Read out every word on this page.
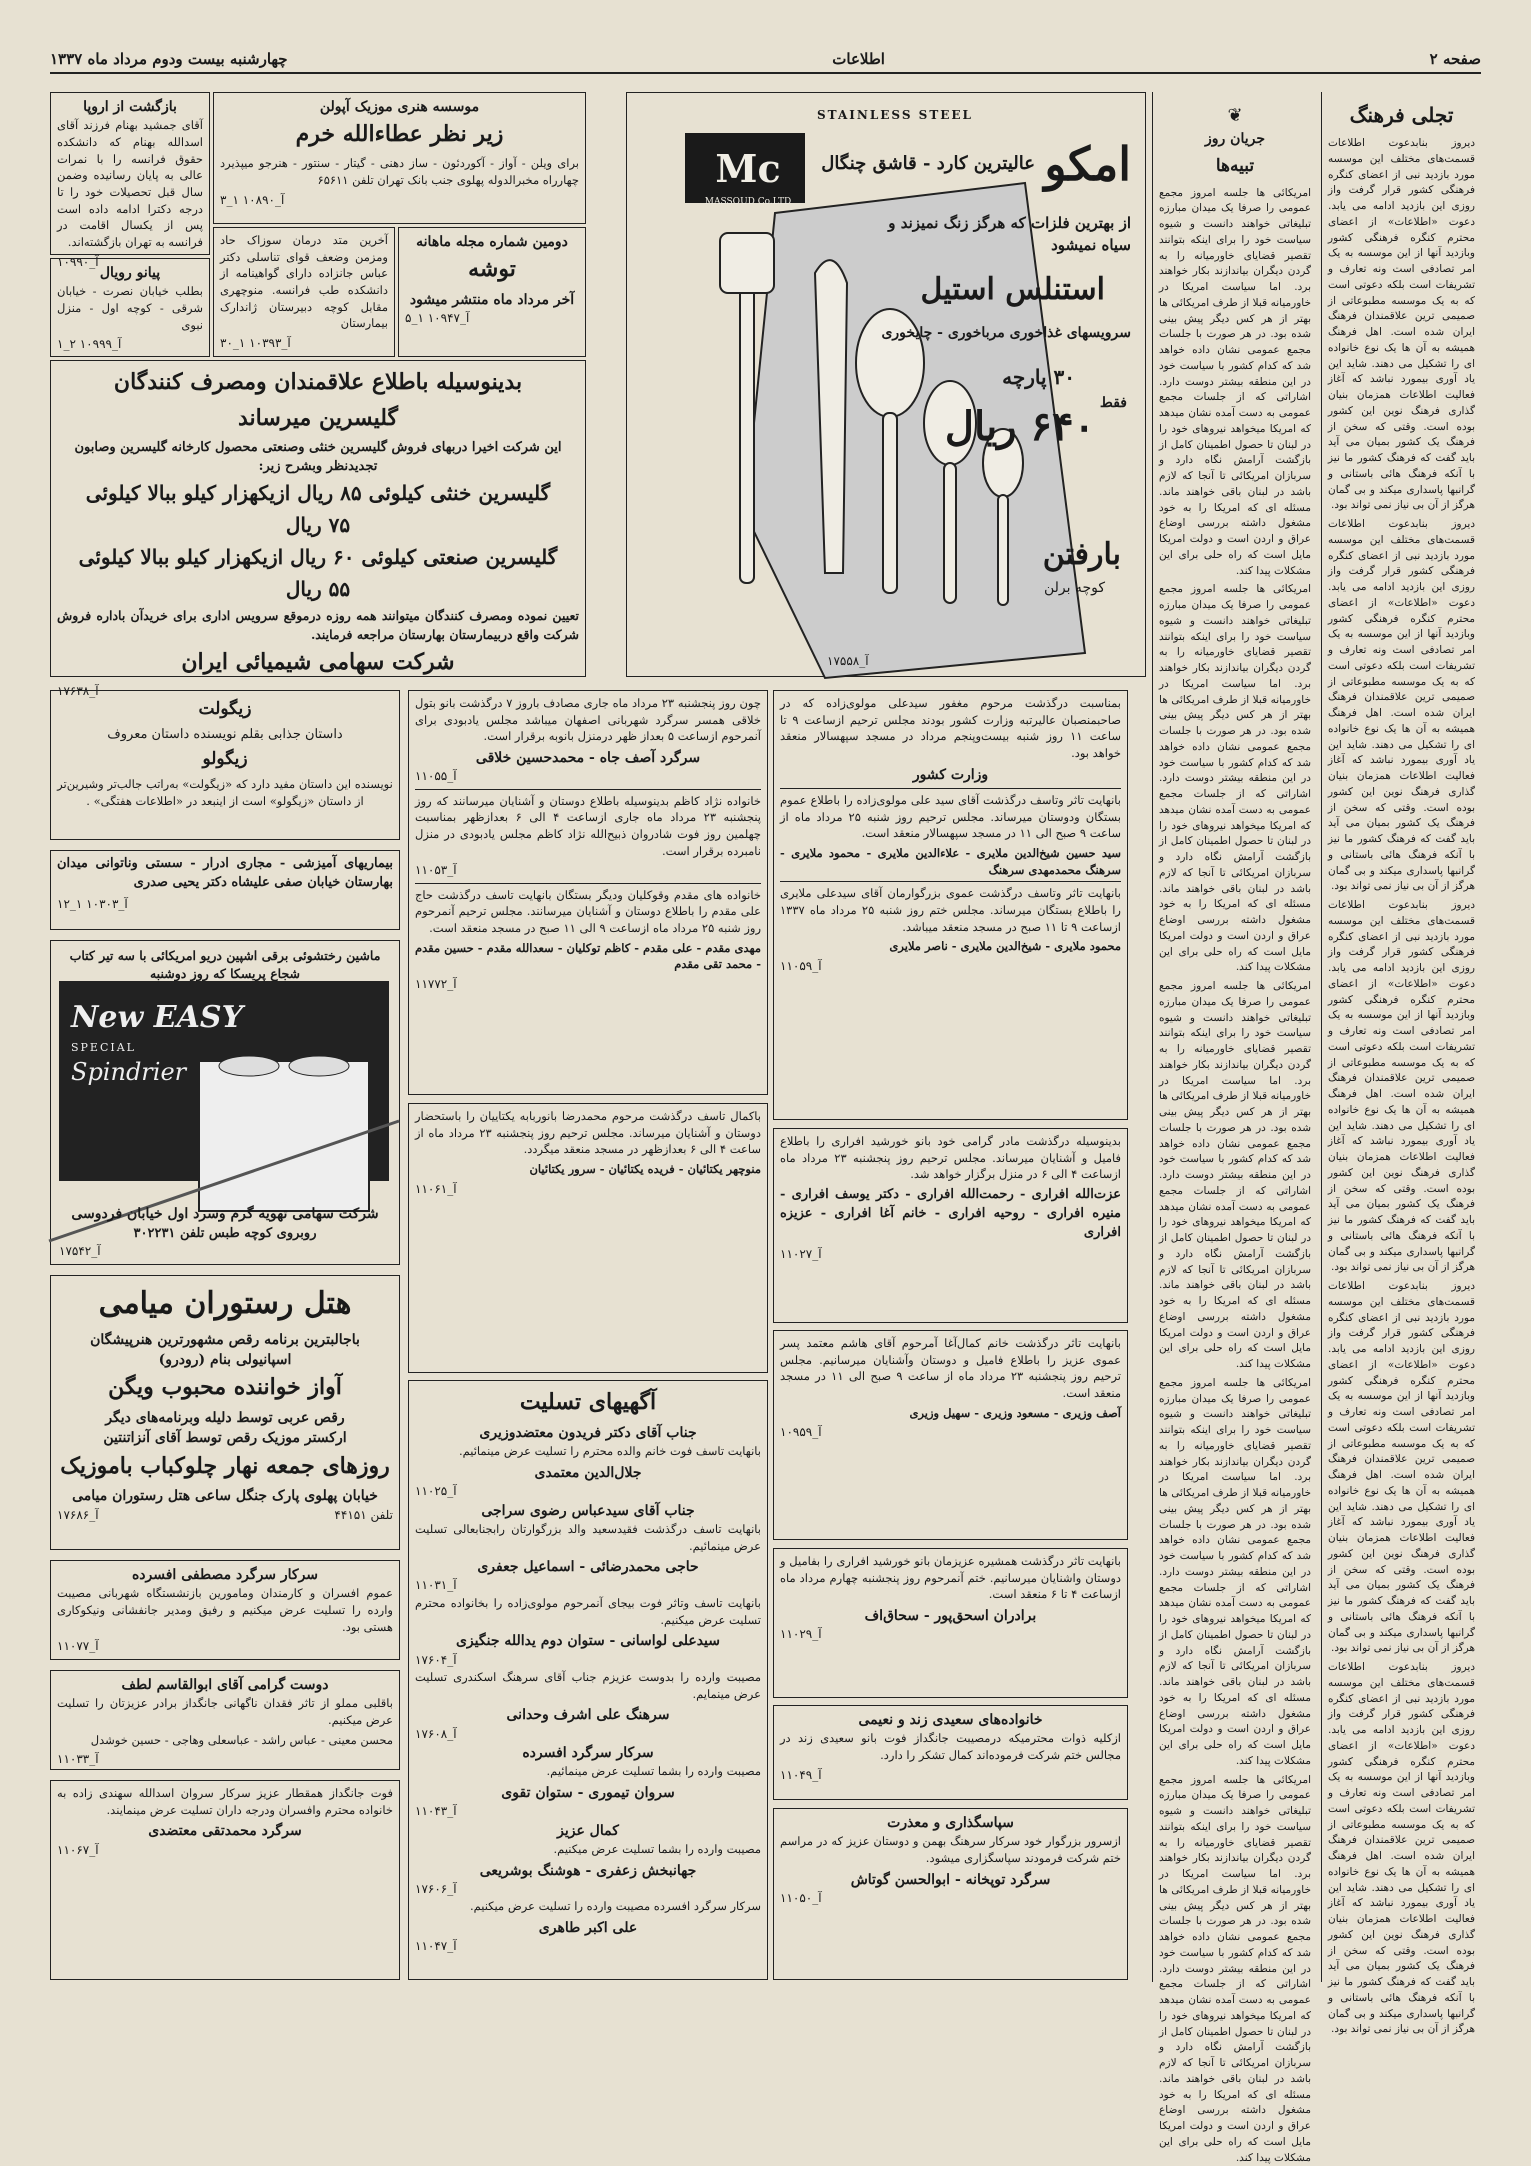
صفحه ۲
اطلاعات
چهارشنبه بیست ودوم مرداد ماه ۱۳۳۷
تجلی فرهنگ

دیروز بنابدعوت اطلاعات قسمت‌های مختلف این موسسه مورد بازدید نبی از اعضای کنگره فرهنگی کشور قرار گرفت واز روزی این بازدید ادامه می یابد. دعوت «اطلاعات» از اعضای محترم کنگره فرهنگی کشور وبازدید آنها از این موسسه به یک امر تصادفی است ونه تعارف و تشریفات است بلکه دعوتی است که به یک موسسه مطبوعاتی از صمیمی ترین علاقمندان فرهنگ ایران شده است. اهل فرهنگ همیشه به آن ها یک نوع خانواده ای را تشکیل می دهند. شاید این یاد آوری بیمورد نباشد که آغاز فعالیت اطلاعات همزمان بنیان گذاری فرهنگ نوین این کشور بوده است. وقتی که سخن از فرهنگ یک کشور بمیان می آید باید گفت که فرهنگ کشور ما نیز با آنکه فرهنگ هائی باستانی و گرانبها پاسداری میکند و بی گمان هرگز از آن بی نیاز نمی تواند بود.

دیروز بنابدعوت اطلاعات قسمت‌های مختلف این موسسه مورد بازدید نبی از اعضای کنگره فرهنگی کشور قرار گرفت واز روزی این بازدید ادامه می یابد. دعوت «اطلاعات» از اعضای محترم کنگره فرهنگی کشور وبازدید آنها از این موسسه به یک امر تصادفی است ونه تعارف و تشریفات است بلکه دعوتی است که به یک موسسه مطبوعاتی از صمیمی ترین علاقمندان فرهنگ ایران شده است. اهل فرهنگ همیشه به آن ها یک نوع خانواده ای را تشکیل می دهند. شاید این یاد آوری بیمورد نباشد که آغاز فعالیت اطلاعات همزمان بنیان گذاری فرهنگ نوین این کشور بوده است. وقتی که سخن از فرهنگ یک کشور بمیان می آید باید گفت که فرهنگ کشور ما نیز با آنکه فرهنگ هائی باستانی و گرانبها پاسداری میکند و بی گمان هرگز از آن بی نیاز نمی تواند بود.

دیروز بنابدعوت اطلاعات قسمت‌های مختلف این موسسه مورد بازدید نبی از اعضای کنگره فرهنگی کشور قرار گرفت واز روزی این بازدید ادامه می یابد. دعوت «اطلاعات» از اعضای محترم کنگره فرهنگی کشور وبازدید آنها از این موسسه به یک امر تصادفی است ونه تعارف و تشریفات است بلکه دعوتی است که به یک موسسه مطبوعاتی از صمیمی ترین علاقمندان فرهنگ ایران شده است. اهل فرهنگ همیشه به آن ها یک نوع خانواده ای را تشکیل می دهند. شاید این یاد آوری بیمورد نباشد که آغاز فعالیت اطلاعات همزمان بنیان گذاری فرهنگ نوین این کشور بوده است. وقتی که سخن از فرهنگ یک کشور بمیان می آید باید گفت که فرهنگ کشور ما نیز با آنکه فرهنگ هائی باستانی و گرانبها پاسداری میکند و بی گمان هرگز از آن بی نیاز نمی تواند بود.

دیروز بنابدعوت اطلاعات قسمت‌های مختلف این موسسه مورد بازدید نبی از اعضای کنگره فرهنگی کشور قرار گرفت واز روزی این بازدید ادامه می یابد. دعوت «اطلاعات» از اعضای محترم کنگره فرهنگی کشور وبازدید آنها از این موسسه به یک امر تصادفی است ونه تعارف و تشریفات است بلکه دعوتی است که به یک موسسه مطبوعاتی از صمیمی ترین علاقمندان فرهنگ ایران شده است. اهل فرهنگ همیشه به آن ها یک نوع خانواده ای را تشکیل می دهند. شاید این یاد آوری بیمورد نباشد که آغاز فعالیت اطلاعات همزمان بنیان گذاری فرهنگ نوین این کشور بوده است. وقتی که سخن از فرهنگ یک کشور بمیان می آید باید گفت که فرهنگ کشور ما نیز با آنکه فرهنگ هائی باستانی و گرانبها پاسداری میکند و بی گمان هرگز از آن بی نیاز نمی تواند بود.

دیروز بنابدعوت اطلاعات قسمت‌های مختلف این موسسه مورد بازدید نبی از اعضای کنگره فرهنگی کشور قرار گرفت واز روزی این بازدید ادامه می یابد. دعوت «اطلاعات» از اعضای محترم کنگره فرهنگی کشور وبازدید آنها از این موسسه به یک امر تصادفی است ونه تعارف و تشریفات است بلکه دعوتی است که به یک موسسه مطبوعاتی از صمیمی ترین علاقمندان فرهنگ ایران شده است. اهل فرهنگ همیشه به آن ها یک نوع خانواده ای را تشکیل می دهند. شاید این یاد آوری بیمورد نباشد که آغاز فعالیت اطلاعات همزمان بنیان گذاری فرهنگ نوین این کشور بوده است. وقتی که سخن از فرهنگ یک کشور بمیان می آید باید گفت که فرهنگ کشور ما نیز با آنکه فرهنگ هائی باستانی و گرانبها پاسداری میکند و بی گمان هرگز از آن بی نیاز نمی تواند بود.

❦
جریان روز
تبیه‌ها

امریکائی ها جلسه امروز مجمع عمومی را صرفا یک میدان مبارزه تبلیغاتی خواهند دانست و شیوه سیاست خود را برای اینکه بتوانند تقصیر قضایای خاورمیانه را به گردن دیگران بیاندازند بکار خواهند برد. اما سیاست امریکا در خاورمیانه قبلا از طرف امریکائی ها بهتر از هر کس دیگر پیش بینی شده بود. در هر صورت با جلسات مجمع عمومی نشان داده خواهد شد که کدام کشور با سیاست خود در این منطقه بیشتر دوست دارد. اشاراتی که از جلسات مجمع عمومی به دست آمده نشان میدهد که امریکا میخواهد نیروهای خود را در لبنان تا حصول اطمینان کامل از بازگشت آرامش نگاه دارد و سربازان امریکائی تا آنجا که لازم باشد در لبنان باقی خواهند ماند. مسئله ای که امریکا را به خود مشغول داشته بررسی اوضاع عراق و اردن است و دولت امریکا مایل است که راه حلی برای این مشکلات پیدا کند.

امریکائی ها جلسه امروز مجمع عمومی را صرفا یک میدان مبارزه تبلیغاتی خواهند دانست و شیوه سیاست خود را برای اینکه بتوانند تقصیر قضایای خاورمیانه را به گردن دیگران بیاندازند بکار خواهند برد. اما سیاست امریکا در خاورمیانه قبلا از طرف امریکائی ها بهتر از هر کس دیگر پیش بینی شده بود. در هر صورت با جلسات مجمع عمومی نشان داده خواهد شد که کدام کشور با سیاست خود در این منطقه بیشتر دوست دارد. اشاراتی که از جلسات مجمع عمومی به دست آمده نشان میدهد که امریکا میخواهد نیروهای خود را در لبنان تا حصول اطمینان کامل از بازگشت آرامش نگاه دارد و سربازان امریکائی تا آنجا که لازم باشد در لبنان باقی خواهند ماند. مسئله ای که امریکا را به خود مشغول داشته بررسی اوضاع عراق و اردن است و دولت امریکا مایل است که راه حلی برای این مشکلات پیدا کند.

امریکائی ها جلسه امروز مجمع عمومی را صرفا یک میدان مبارزه تبلیغاتی خواهند دانست و شیوه سیاست خود را برای اینکه بتوانند تقصیر قضایای خاورمیانه را به گردن دیگران بیاندازند بکار خواهند برد. اما سیاست امریکا در خاورمیانه قبلا از طرف امریکائی ها بهتر از هر کس دیگر پیش بینی شده بود. در هر صورت با جلسات مجمع عمومی نشان داده خواهد شد که کدام کشور با سیاست خود در این منطقه بیشتر دوست دارد. اشاراتی که از جلسات مجمع عمومی به دست آمده نشان میدهد که امریکا میخواهد نیروهای خود را در لبنان تا حصول اطمینان کامل از بازگشت آرامش نگاه دارد و سربازان امریکائی تا آنجا که لازم باشد در لبنان باقی خواهند ماند. مسئله ای که امریکا را به خود مشغول داشته بررسی اوضاع عراق و اردن است و دولت امریکا مایل است که راه حلی برای این مشکلات پیدا کند.

امریکائی ها جلسه امروز مجمع عمومی را صرفا یک میدان مبارزه تبلیغاتی خواهند دانست و شیوه سیاست خود را برای اینکه بتوانند تقصیر قضایای خاورمیانه را به گردن دیگران بیاندازند بکار خواهند برد. اما سیاست امریکا در خاورمیانه قبلا از طرف امریکائی ها بهتر از هر کس دیگر پیش بینی شده بود. در هر صورت با جلسات مجمع عمومی نشان داده خواهد شد که کدام کشور با سیاست خود در این منطقه بیشتر دوست دارد. اشاراتی که از جلسات مجمع عمومی به دست آمده نشان میدهد که امریکا میخواهد نیروهای خود را در لبنان تا حصول اطمینان کامل از بازگشت آرامش نگاه دارد و سربازان امریکائی تا آنجا که لازم باشد در لبنان باقی خواهند ماند. مسئله ای که امریکا را به خود مشغول داشته بررسی اوضاع عراق و اردن است و دولت امریکا مایل است که راه حلی برای این مشکلات پیدا کند.

امریکائی ها جلسه امروز مجمع عمومی را صرفا یک میدان مبارزه تبلیغاتی خواهند دانست و شیوه سیاست خود را برای اینکه بتوانند تقصیر قضایای خاورمیانه را به گردن دیگران بیاندازند بکار خواهند برد. اما سیاست امریکا در خاورمیانه قبلا از طرف امریکائی ها بهتر از هر کس دیگر پیش بینی شده بود. در هر صورت با جلسات مجمع عمومی نشان داده خواهد شد که کدام کشور با سیاست خود در این منطقه بیشتر دوست دارد. اشاراتی که از جلسات مجمع عمومی به دست آمده نشان میدهد که امریکا میخواهد نیروهای خود را در لبنان تا حصول اطمینان کامل از بازگشت آرامش نگاه دارد و سربازان امریکائی تا آنجا که لازم باشد در لبنان باقی خواهند ماند. مسئله ای که امریکا را به خود مشغول داشته بررسی اوضاع عراق و اردن است و دولت امریکا مایل است که راه حلی برای این مشکلات پیدا کند.

Mc
MASSOUD Co.LTD
STAINLESS STEEL
امکو
عالیترین کارد - قاشق چنگال
از بهترین فلزات که هرگز زنگ نمیزند و سیاه نمیشود
استنلس استیل
سرویسهای غذاخوری مرباخوری - چایخوری
۳۰ پارچه
فقط
۶۴۰ ریال
بارفتن
کوچه برلن
آ_۱۷۵۵۸
موسسه هنری موزیک آپولن
زیر نظر عطاءالله خرم

برای ویلن - آواز - آکوردئون - ساز دهنی - گیتار - سنتور - هنرجو میپذیرد چهارراه مخبرالدوله پهلوی جنب بانک تهران تلفن ۶۵۶۱۱

آ_۱۰۸۹۰ ۱_۳
بازگشت از اروپا

آقای جمشید بهنام فرزند آقای اسدالله بهنام که دانشکده حقوق فرانسه را با نمرات عالی به پایان رسانیده وضمن سال قبل تحصیلات خود را تا درجه دکترا ادامه داده است پس از یکسال اقامت در فرانسه به تهران بازگشته‌اند.

آ_۱۰۹۹۰
دومین شماره مجله ماهانه
توشه
آخر مرداد ماه منتشر میشود
آ_۱۰۹۴۷ ۱_۵

آخرین متد درمان سوزاک حاد ومزمن وضعف قوای تناسلی دکتر عباس جانزاده دارای گواهینامه از دانشکده طب فرانسه. منوچهری مقابل کوچه دبیرستان ژاندارک بیمارستان

آ_۱۰۳۹۳ ۱_۳۰
پیانو رویال

بطلب خیابان نصرت - خیابان شرقی - کوچه اول - منزل نبوی

آ_۱۰۹۹۹ ۲_۱
بدینوسیله باطلاع علاقمندان ومصرف کنندگان
گلیسرین میرساند

این شرکت اخیرا دربهای فروش گلیسرین خنثی وصنعتی محصول کارخانه گلیسرین وصابون تجدیدنظر وبشرح زیر:

گلیسرین خنثی کیلوئی ۸۵ ریال ازیکهزار کیلو ببالا کیلوئی
۷۵ ریال
گلیسرین صنعتی کیلوئی ۶۰ ریال ازیکهزار کیلو ببالا کیلوئی
۵۵ ریال

تعیین نموده ومصرف کنندگان میتوانند همه روزه درموقع سرویس اداری برای خریدآن باداره فروش شرکت واقع دربیمارستان بهارستان مراجعه فرمایند.

شرکت سهامی شیمیائی ایران
آ_۱۷۶۳۸
زیگولت
داستان جذابی بقلم نویسنده داستان معروف
زیگولو

نویسنده این داستان مفید دارد که «زیگولت» به‌راتب جالب‌تر وشیرین‌تر از داستان «زیگولو» است از اینبعد در «اطلاعات هفتگی» .

بیماریهای آمیزشی - مجاری ادرار - سستی وناتوانی میدان بهارستان خیابان صفی علیشاه دکتر یحیی صدری

آ_۱۰۳۰۳ ۱_۱۲
ماشین رختشوئی برقی اشپین دریو امریکائی با سه تیر کتاب شجاع پریسکا که روز دوشنبه
New EASY
SPECIAL
Spindrier
شرکت سهامی تهویه گرم وسرد اول خیابان فردوسی
روبروی کوچه طبس تلفن ۳۰۲۲۳۱
آ_۱۷۵۴۲
هتل رستوران میامی
باجالبترین برنامه رقص مشهورترین هنرپیشگان
اسپانیولی بنام (رودرو)
آواز خواننده محبوب ویگن
رقص عربی توسط دلیله وبرنامه‌های دیگر
ارکستر موزیک رقص توسط آقای آنزاتنتین
روزهای جمعه نهار چلوکباب باموزیک
خیابان پهلوی پارک جنگل ساعی هتل رستوران میامی
تلفن ۴۴۱۵۱
آ_۱۷۶۸۶
سرکار سرگرد مصطفی افسرده

عموم افسران و کارمندان ومامورین بازنشستگاه شهربانی مصیبت وارده را تسلیت عرض میکنیم و رفیق ومدیر جانفشانی ونیکوکاری هستی بود.

آ_۱۱۰۷۷
دوست گرامی آقای ابوالقاسم لطف

باقلبی مملو از تاثر فقدان ناگهانی جانگداز برادر عزیزتان را تسلیت عرض میکنیم.

محسن معینی - عباس راشد - عباسعلی وهاجی - حسین خوشدل

آ_۱۱۰۳۳

فوت جانگداز همقطار عزیز سرکار سروان اسدالله سهندی زاده به خانواده محترم وافسران ودرجه داران تسلیت عرض مینمایند.

سرگرد محمدتقی معتضدی
آ_۱۱۰۶۷

چون روز پنجشنبه ۲۳ مرداد ماه جاری مصادف باروز ۷ درگذشت بانو بتول خلاقی همسر سرگرد شهربانی اصفهان میباشد مجلس یادبودی برای آنمرحوم ازساعت ۵ بعداز ظهر درمنزل بانوبه برقرار است.

سرگرد آصف جاه - محمدحسین خلاقی
آ_۱۱۰۵۵

خانواده نژاد کاظم بدینوسیله باطلاع دوستان و آشنایان میرسانند که روز پنجشنبه ۲۳ مرداد ماه جاری ازساعت ۴ الی ۶ بعدازظهر بمناسبت چهلمین روز فوت شادروان ذبیح‌الله نژاد کاظم مجلس یادبودی در منزل نامبرده برقرار است.

آ_۱۱۰۵۳

خانواده های مقدم وقوکلیان ودیگر بستگان بانهایت تاسف درگذشت حاج علی مقدم را باطلاع دوستان و آشنایان میرسانند. مجلس ترحیم آنمرحوم روز شنبه ۲۵ مرداد ماه ازساعت ۹ الی ۱۱ صبح در مسجد منعقد است.

مهدی مقدم - علی مقدم - کاظم توکلیان - سعدالله مقدم - حسین مقدم - محمد تقی مقدم

آ_۱۱۷۷۲

باکمال تاسف درگذشت مرحوم محمدرضا بانوربابه یکتاییان را باستحضار دوستان و آشنایان میرساند. مجلس ترحیم روز پنجشنبه ۲۳ مرداد ماه از ساعت ۴ الی ۶ بعدازظهر در مسجد منعقد میگردد.

منوچهر یکتائیان - فریده یکتائیان - سرور یکتائیان

آ_۱۱۰۶۱
آگهیهای تسلیت
جناب آقای دکتر فریدون معتضدوزیری

بانهایت تاسف فوت خانم والده محترم را تسلیت عرض مینمائیم.

جلال‌الدین معتمدی
آ_۱۱۰۲۵
جناب آقای سیدعباس رضوی سراجی

بانهایت تاسف درگذشت فقیدسعید والد بزرگوارتان رابجنابعالی تسلیت عرض مینمائیم.

حاجی محمدرضائی - اسماعیل جعفری
آ_۱۱۰۳۱

بانهایت تاسف وتاثر فوت بیجای آنمرحوم مولوی‌زاده را بخانواده محترم تسلیت عرض میکنیم.

سیدعلی لواسانی - ستوان دوم یدالله جنگیزی
آ_۱۷۶۰۴

مصیبت وارده را بدوست عزیزم جناب آقای سرهنگ اسکندری تسلیت عرض مینمایم.

سرهنگ علی اشرف وحدانی
آ_۱۷۶۰۸
سرکار سرگرد افسرده

مصیبت وارده را بشما تسلیت عرض مینمائیم.

سروان تیموری - ستوان تقوی
آ_۱۱۰۴۳
کمال عزیز

مصیبت وارده را بشما تسلیت عرض میکنیم.

جهانبخش زعفری - هوشنگ بوشریعی
آ_۱۷۶۰۶

سرکار سرگرد افسرده مصیبت وارده را تسلیت عرض میکنیم.

علی اکبر طاهری
آ_۱۱۰۴۷

بمناسبت درگذشت مرحوم مغفور سیدعلی مولوی‌زاده که در صاحبمنصبان عالیرتبه وزارت کشور بودند مجلس ترحیم ازساعت ۹ تا ساعت ۱۱ روز شنبه بیست‌وپنجم مرداد در مسجد سپهسالار منعقد خواهد بود.

وزارت کشور

بانهایت تاثر وتاسف درگذشت آقای سید علی مولوی‌زاده را باطلاع عموم بستگان ودوستان میرساند. مجلس ترحیم روز شنبه ۲۵ مرداد ماه از ساعت ۹ صبح الی ۱۱ در مسجد سپهسالار منعقد است.

سید حسین شیخ‌الدین ملایری - علاء‌الدین ملایری - محمود ملایری - سرهنگ محمدمهدی سرهنگ

بانهایت تاثر وتاسف درگذشت عموی بزرگوارمان آقای سیدعلی ملایری را باطلاع بستگان میرساند. مجلس ختم روز شنبه ۲۵ مرداد ماه ۱۳۳۷ ازساعت ۹ تا ۱۱ صبح در مسجد منعقد میباشد.

محمود ملایری - شیخ‌الدین ملایری - ناصر ملایری

آ_۱۱۰۵۹

بدینوسیله درگذشت مادر گرامی خود بانو خورشید افراری را باطلاع فامیل و آشنایان میرساند. مجلس ترحیم روز پنجشنبه ۲۳ مرداد ماه ازساعت ۴ الی ۶ در منزل برگزار خواهد شد.

عزت‌الله افراری - رحمت‌الله افراری - دکتر یوسف افراری - منیره افراری - روحیه افراری - خانم آغا افراری - عزیزه افراری

آ_۱۱۰۲۷

بانهایت تاثر درگذشت خانم کمال‌آغا آمرحوم آقای هاشم معتمد پسر عموی عزیز را باطلاع فامیل و دوستان وآشنایان میرسانیم. مجلس ترحیم روز پنجشنبه ۲۳ مرداد ماه از ساعت ۹ صبح الی ۱۱ در مسجد منعقد است.

آصف وزیری - مسعود وزیری - سهیل وزیری

آ_۱۰۹۵۹

بانهایت تاثر درگذشت همشیره عزیزمان بانو خورشید افراری را بفامیل و دوستان واشنایان میرسانیم. ختم آنمرحوم روز پنجشنبه چهارم مرداد ماه ازساعت ۴ تا ۶ منعقد است.

برادران اسحق‌پور - سحاق‌اف
آ_۱۱۰۲۹
خانواده‌های سعیدی زند و نعیمی

ازکلیه ذوات محترمیکه درمصیبت جانگداز فوت بانو سعیدی زند در مجالس ختم شرکت فرموده‌اند کمال تشکر را دارد.

آ_۱۱۰۴۹
سپاسگذاری و معذرت

ازسرور بزرگوار خود سرکار سرهنگ بهمن و دوستان عزیز که در مراسم ختم شرکت فرمودند سپاسگزاری میشود.

سرگرد توپخانه - ابوالحسن گوتاش
آ_۱۱۰۵۰
